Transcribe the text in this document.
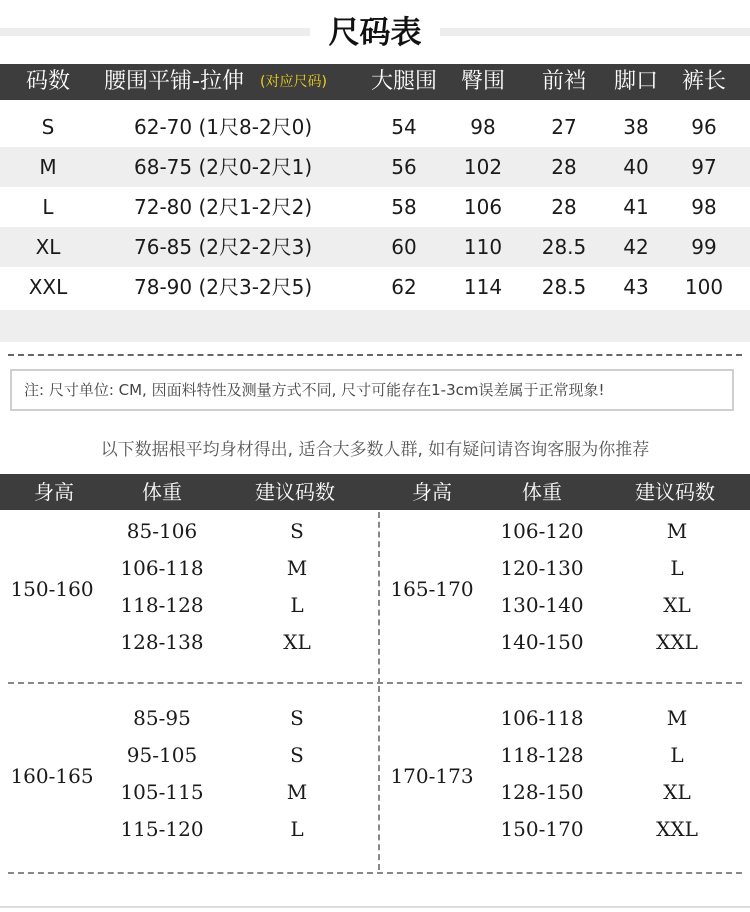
尺码表
码数	腰围平铺-拉伸	(对应尺码)	大腿围	臀围	前裆	脚口	裤长
S	62-70 (1尺8-2尺0)	54	98	27	38	96
M	68-75 (2尺0-2尺1)	56	102	28	40	97
L	72-80 (2尺1-2尺2)	58	106	28	41	98
XL	76-85 (2尺2-2尺3)	60	110	28.5	42	99
XXL	78-90 (2尺3-2尺5)	62	114	28.5	43	100
注: 尺寸单位: CM, 因面料特性及测量方式不同, 尺寸可能存在1-3cm误差属于正常现象!
以下数据根平均身材得出, 适合大多数人群, 如有疑问请咨询客服为你推荐
身高	体重	建议码数	身高	体重	建议码数
150-160
85-106	S
106-118	M
118-128	L
128-138	XL
165-170
106-120	M
120-130	L
130-140	XL
140-150	XXL
160-165
85-95	S
95-105	S
105-115	M
115-120	L
170-173
106-118	M
118-128	L
128-150	XL
150-170	XXL
